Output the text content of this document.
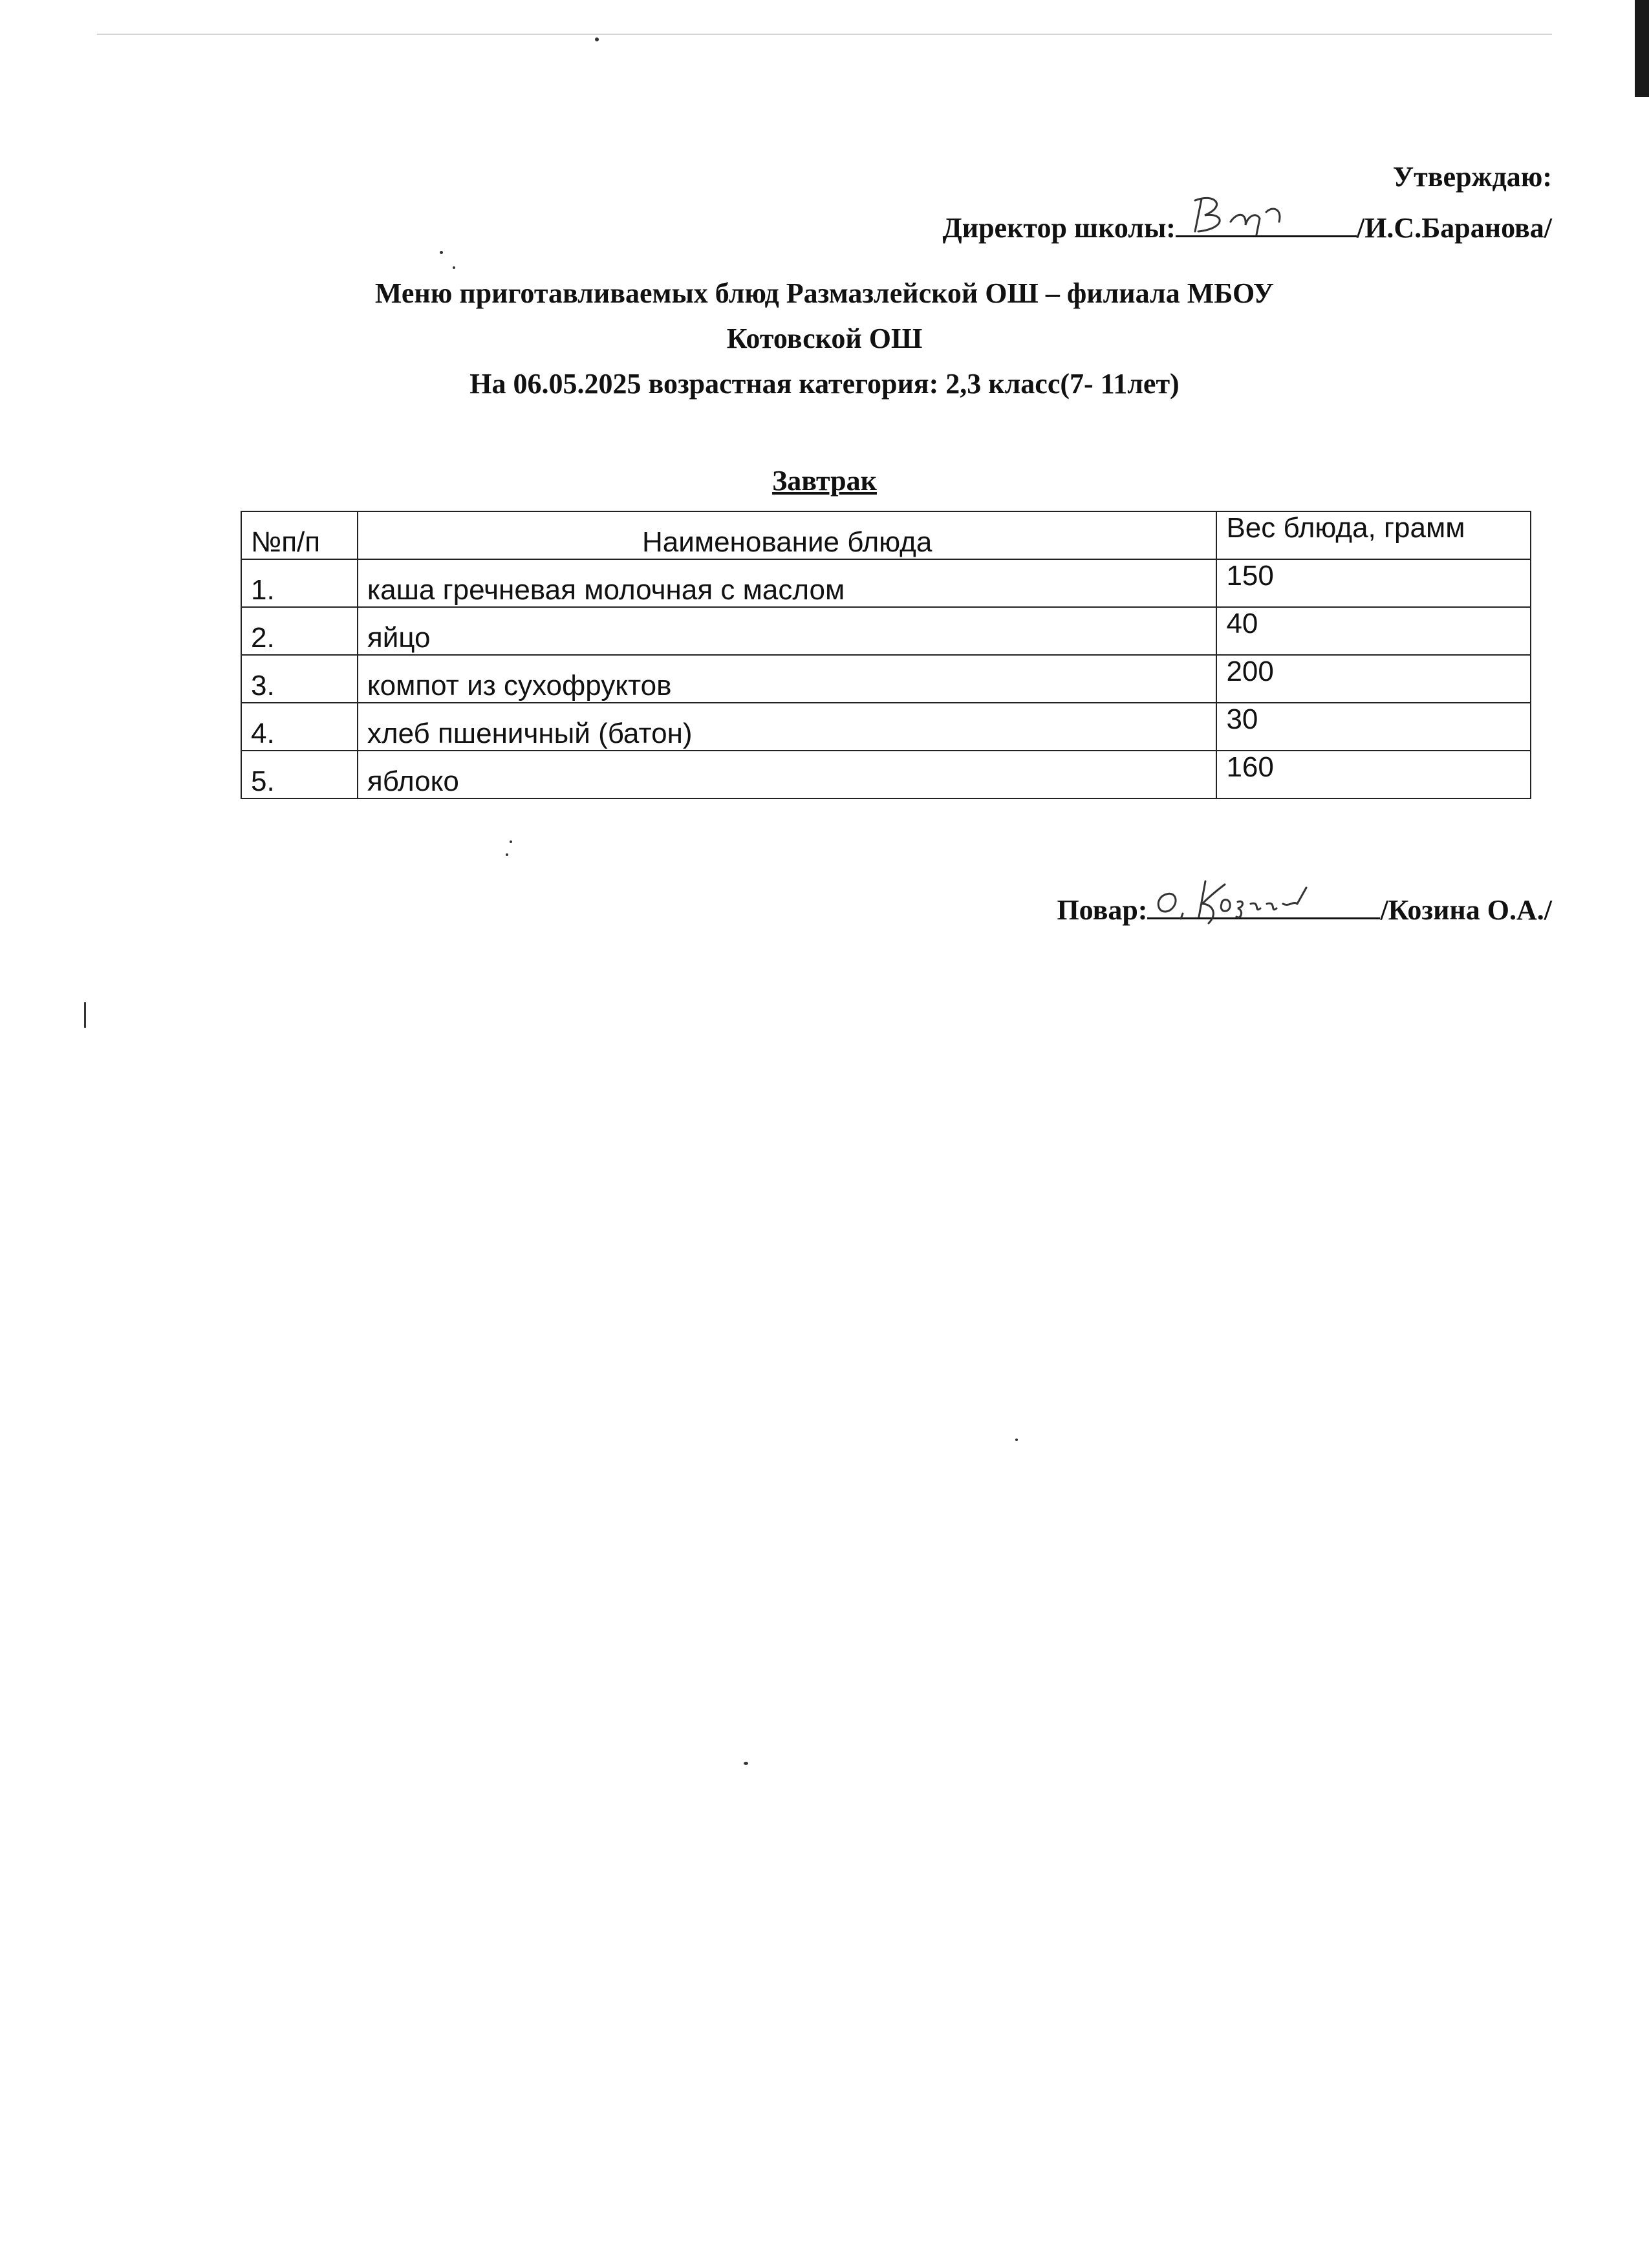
Утверждаю:
Директор школы:	/И.С.Баранова/
Меню приготавливаемых блюд Размазлейской ОШ – филиала МБОУ
Котовской ОШ
На 06.05.2025 возрастная категория: 2,3 класс(7- 11лет)
Завтрак
№п/п	Наименование блюда	Вес блюда, грамм
1.	каша гречневая молочная с маслом	150
2.	яйцо	40
3.	компот из сухофруктов	200
4.	хлеб пшеничный (батон)	30
5.	яблоко	160
Повар:	/Козина О.А./
